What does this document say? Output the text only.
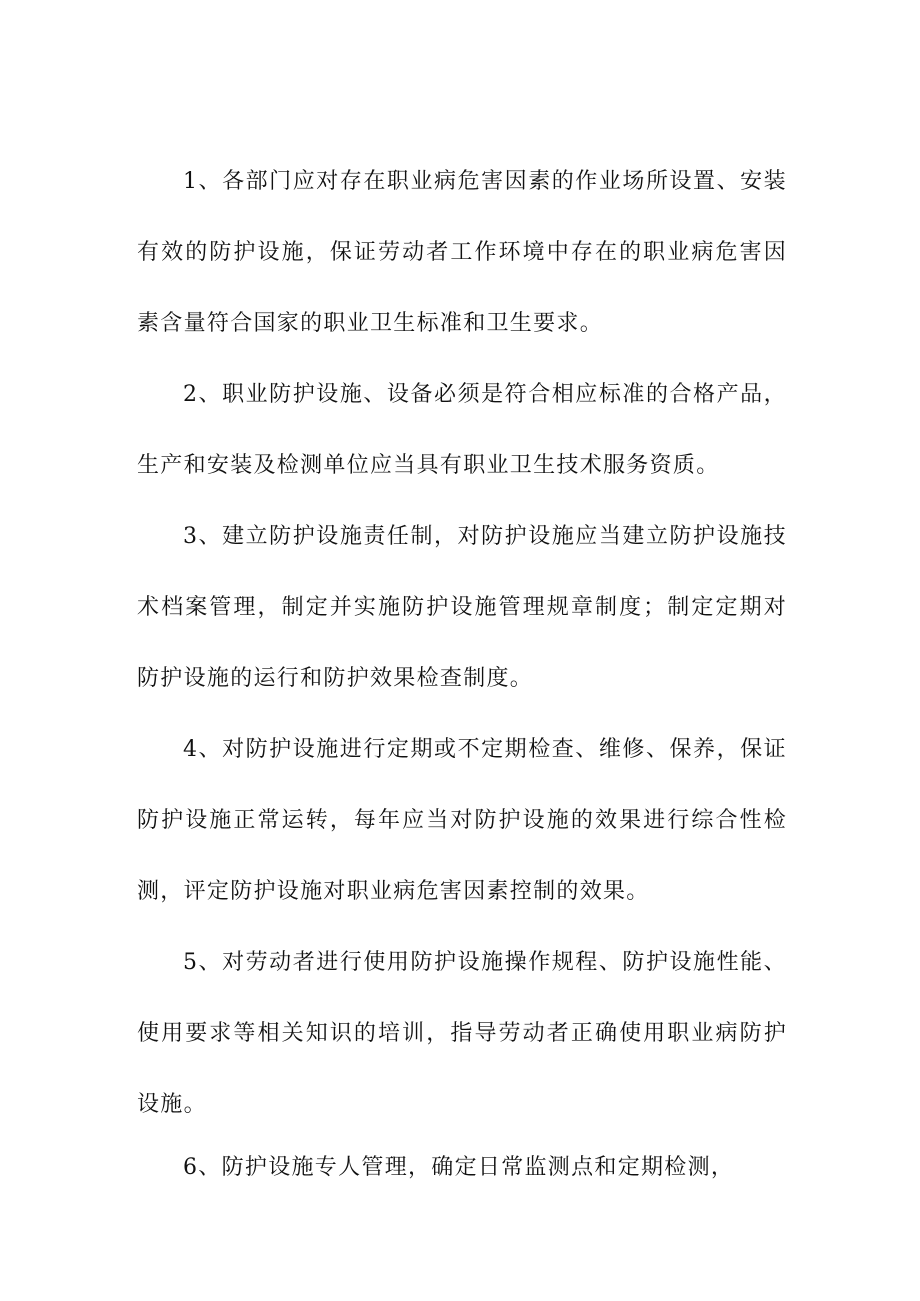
1、各部门应对存在职业病危害因素的作业场所设置、安装有效的防护设施，保证劳动者工作环境中存在的职业病危害因素含量符合国家的职业卫生标准和卫生要求。

2、职业防护设施、设备必须是符合相应标准的合格产品，生产和安装及检测单位应当具有职业卫生技术服务资质。

3、建立防护设施责任制，对防护设施应当建立防护设施技术档案管理，制定并实施防护设施管理规章制度；制定定期对防护设施的运行和防护效果检查制度。

4、对防护设施进行定期或不定期检查、维修、保养，保证防护设施正常运转，每年应当对防护设施的效果进行综合性检测，评定防护设施对职业病危害因素控制的效果。

5、对劳动者进行使用防护设施操作规程、防护设施性能、使用要求等相关知识的培训，指导劳动者正确使用职业病防护设施。

6、防护设施专人管理，确定日常监测点和定期检测，
